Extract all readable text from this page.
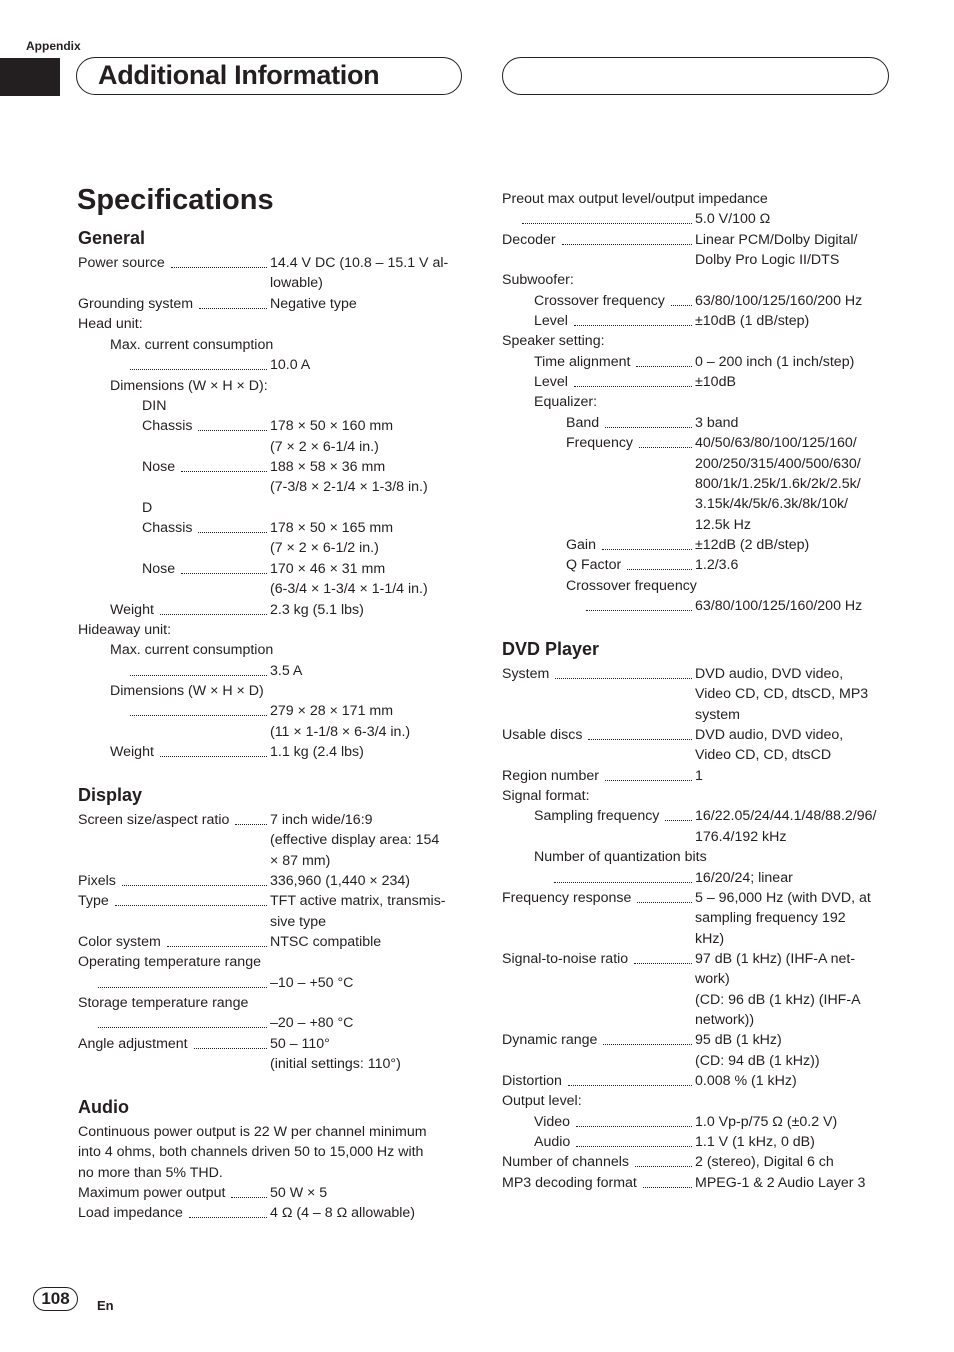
Appendix
Additional Information
Specifications
General
Power source	14.4 V DC (10.8 – 15.1 V al-
lowable)
Grounding system	Negative type
Head unit:
Max. current consumption
10.0 A
Dimensions (W × H × D):
DIN
Chassis	178 × 50 × 160 mm
(7 × 2 × 6-1/4 in.)
Nose	188 × 58 × 36 mm
(7-3/8 × 2-1/4 × 1-3/8 in.)
D
Chassis	178 × 50 × 165 mm
(7 × 2 × 6-1/2 in.)
Nose	170 × 46 × 31 mm
(6-3/4 × 1-3/4 × 1-1/4 in.)
Weight	2.3 kg (5.1 lbs)
Hideaway unit:
Max. current consumption
3.5 A
Dimensions (W × H × D)
279 × 28 × 171 mm
(11 × 1-1/8 × 6-3/4 in.)
Weight	1.1 kg (2.4 lbs)
Display
Screen size/aspect ratio	7 inch wide/16:9
(effective display area: 154
× 87 mm)
Pixels	336,960 (1,440 × 234)
Type	TFT active matrix, transmis-
sive type
Color system	NTSC compatible
Operating temperature range
–10 – +50 °C
Storage temperature range
–20 – +80 °C
Angle adjustment	50 – 110°
(initial settings: 110°)
Audio
Continuous power output is 22 W per channel minimum
into 4 ohms, both channels driven 50 to 15,000 Hz with
no more than 5% THD.
Maximum power output	50 W × 5
Load impedance	4 Ω (4 – 8 Ω allowable)
Preout max output level/output impedance
5.0 V/100 Ω
Decoder	Linear PCM/Dolby Digital/
Dolby Pro Logic II/DTS
Subwoofer:
Crossover frequency 63/80/100/125/160/200 Hz
Level	±10dB (1 dB/step)
Speaker setting:
Time alignment	0 – 200 inch (1 inch/step)
Level	±10dB
Equalizer:
Band	3 band
Frequency	40/50/63/80/100/125/160/
200/250/315/400/500/630/
800/1k/1.25k/1.6k/2k/2.5k/
3.15k/4k/5k/6.3k/8k/10k/
12.5k Hz
Gain	±12dB (2 dB/step)
Q Factor	1.2/3.6
Crossover frequency
63/80/100/125/160/200 Hz
DVD Player
System	DVD audio, DVD video,
Video CD, CD, dtsCD, MP3
system
Usable discs	DVD audio, DVD video,
Video CD, CD, dtsCD
Region number	1
Signal format:
Sampling frequency	16/22.05/24/44.1/48/88.2/96/
176.4/192 kHz
Number of quantization bits
16/20/24; linear
Frequency response	5 – 96,000 Hz (with DVD, at
sampling frequency 192
kHz)
Signal-to-noise ratio	97 dB (1 kHz) (IHF-A net-
work)
(CD: 96 dB (1 kHz) (IHF-A
network))
Dynamic range	95 dB (1 kHz)
(CD: 94 dB (1 kHz))
Distortion	0.008 % (1 kHz)
Output level:
Video	1.0 Vp-p/75 Ω (±0.2 V)
Audio	1.1 V (1 kHz, 0 dB)
Number of channels	2 (stereo), Digital 6 ch
MP3 decoding format	MPEG-1 & 2 Audio Layer 3
108	En
